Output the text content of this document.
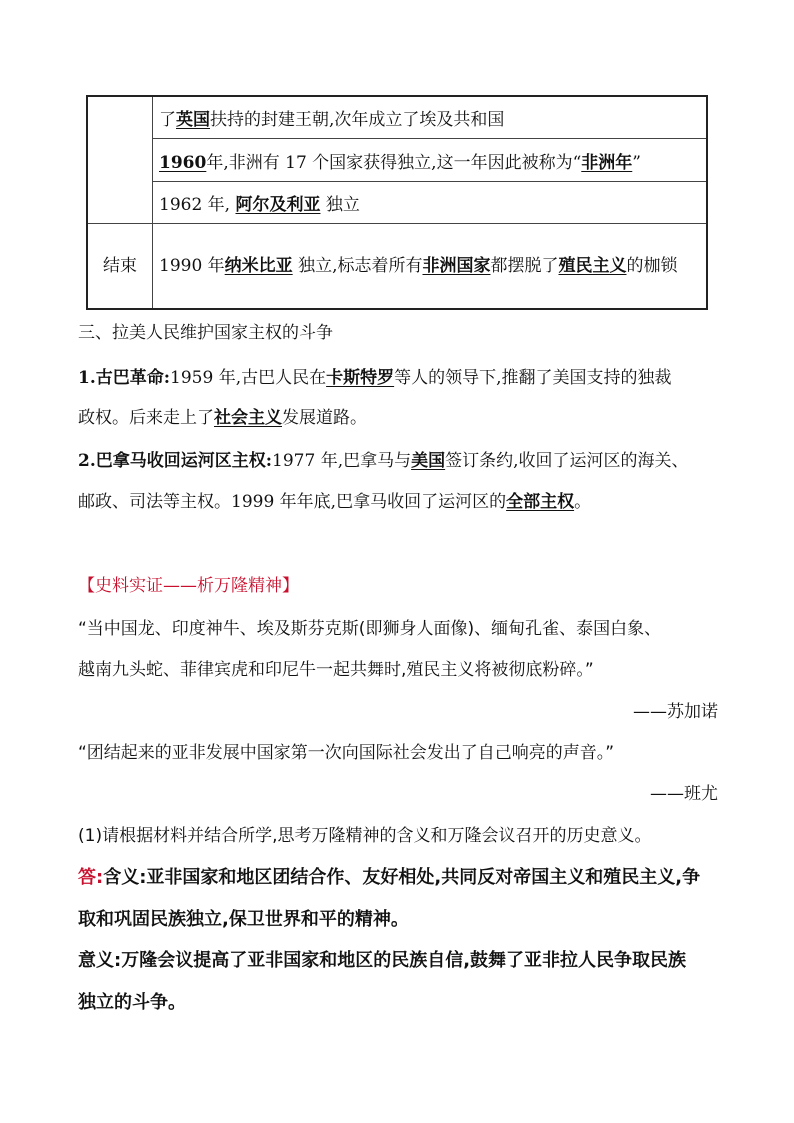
	了英国扶持的封建王朝,次年成立了埃及共和国
	1960年,非洲有 17 个国家获得独立,这一年因此被称为“非洲年”
	1962 年, 阿尔及利亚 独立
结束	1990 年纳米比亚 独立,标志着所有非洲国家都摆脱了殖民主义的枷锁
三、拉美人民维护国家主权的斗争
1.古巴革命:1959 年,古巴人民在卡斯特罗等人的领导下,推翻了美国支持的独裁
政权。后来走上了社会主义发展道路。
2.巴拿马收回运河区主权:1977 年,巴拿马与美国签订条约,收回了运河区的海关、
邮政、司法等主权。1999 年年底,巴拿马收回了运河区的全部主权。
【史料实证——析万隆精神】
“当中国龙、印度神牛、埃及斯芬克斯(即狮身人面像)、缅甸孔雀、泰国白象、
越南九头蛇、菲律宾虎和印尼牛一起共舞时,殖民主义将被彻底粉碎。”
——苏加诺
“团结起来的亚非发展中国家第一次向国际社会发出了自己响亮的声音。”
——班尤
(1)请根据材料并结合所学,思考万隆精神的含义和万隆会议召开的历史意义。
答:含义:亚非国家和地区团结合作、友好相处,共同反对帝国主义和殖民主义,争
取和巩固民族独立,保卫世界和平的精神。
意义:万隆会议提高了亚非国家和地区的民族自信,鼓舞了亚非拉人民争取民族
独立的斗争。
